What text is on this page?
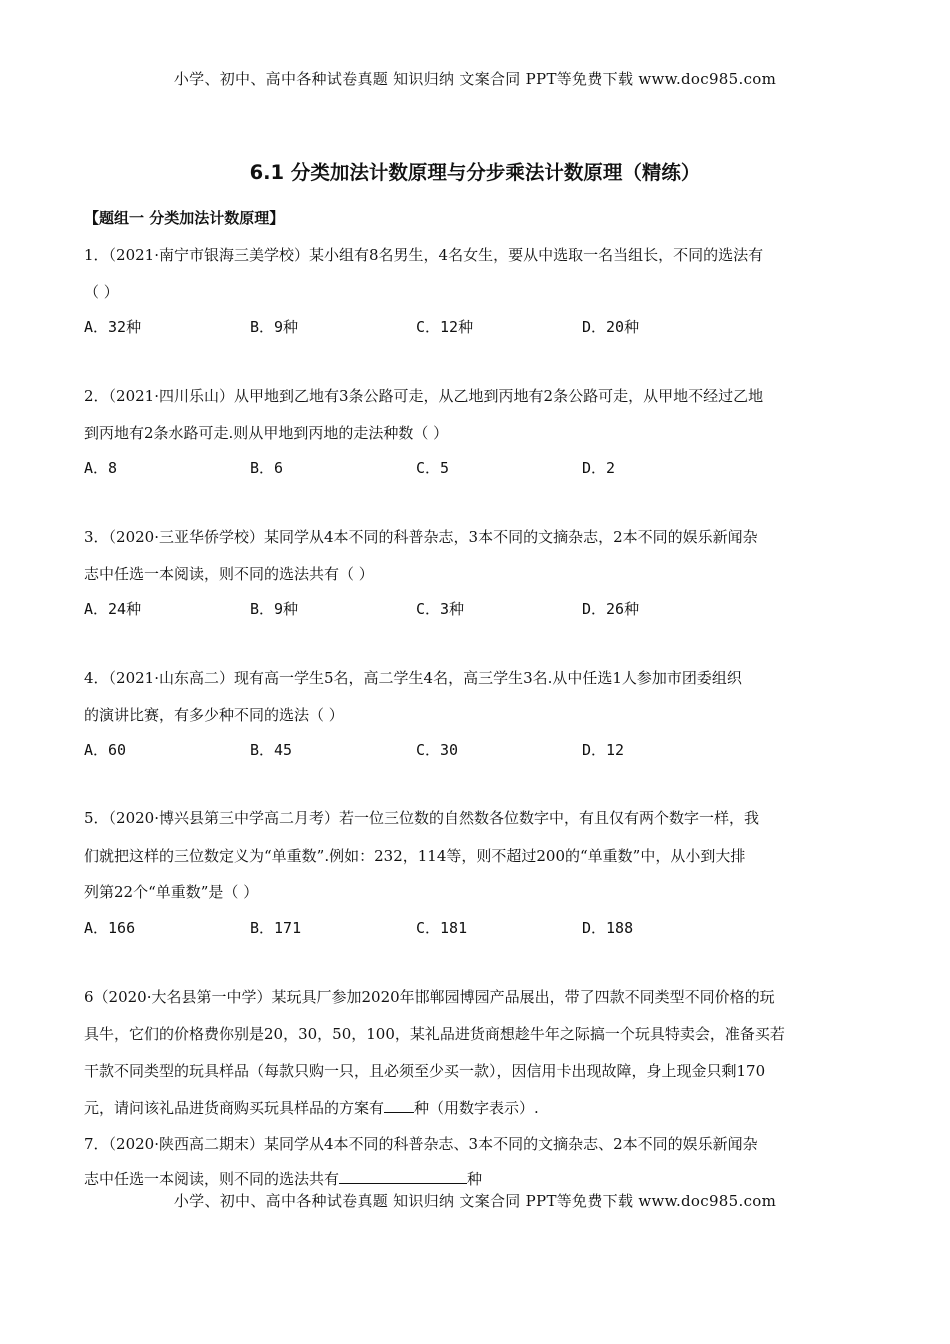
小学、初中、高中各种试卷真题 知识归纳 文案合同 PPT等免费下载 www.doc985.com
6.1 分类加法计数原理与分步乘法计数原理（精练）
【题组一 分类加法计数原理】
1．（2021·南宁市银海三美学校）某小组有8名男生，4名女生，要从中选取一名当组长，不同的选法有
（ ）
A．32种	B．9种	C．12种	D．20种
2．（2021·四川乐山）从甲地到乙地有3条公路可走，从乙地到丙地有2条公路可走，从甲地不经过乙地
到丙地有2条水路可走.则从甲地到丙地的走法种数（ ）
A．8	B．6	C．5	D．2
3．（2020·三亚华侨学校）某同学从4本不同的科普杂志，3本不同的文摘杂志，2本不同的娱乐新闻杂
志中任选一本阅读，则不同的选法共有（ ）
A．24种	B．9种	C．3种	D．26种
4．（2021·山东高二）现有高一学生5名，高二学生4名，高三学生3名.从中任选1人参加市团委组织
的演讲比赛，有多少种不同的选法（ ）
A．60	B．45	C．30	D．12
5．（2020·博兴县第三中学高二月考）若一位三位数的自然数各位数字中，有且仅有两个数字一样，我
们就把这样的三位数定义为“单重数”.例如：232，114等，则不超过200的“单重数”中，从小到大排
列第22个“单重数”是（ ）
A．166	B．171	C．181	D．188
6（2020·大名县第一中学）某玩具厂参加2020年邯郸园博园产品展出，带了四款不同类型不同价格的玩
具牛，它们的价格费你别是20，30，50，100，某礼品进货商想趁牛年之际搞一个玩具特卖会，准备买若
干款不同类型的玩具样品（每款只购一只，且必须至少买一款），因信用卡出现故障，身上现金只剩170
元，请问该礼品进货商购买玩具样品的方案有 种（用数字表示）.
7．（2020·陕西高二期末）某同学从4本不同的科普杂志、3本不同的文摘杂志、2本不同的娱乐新闻杂
志中任选一本阅读，则不同的选法共有	种
小学、初中、高中各种试卷真题 知识归纳 文案合同 PPT等免费下载 www.doc985.com
